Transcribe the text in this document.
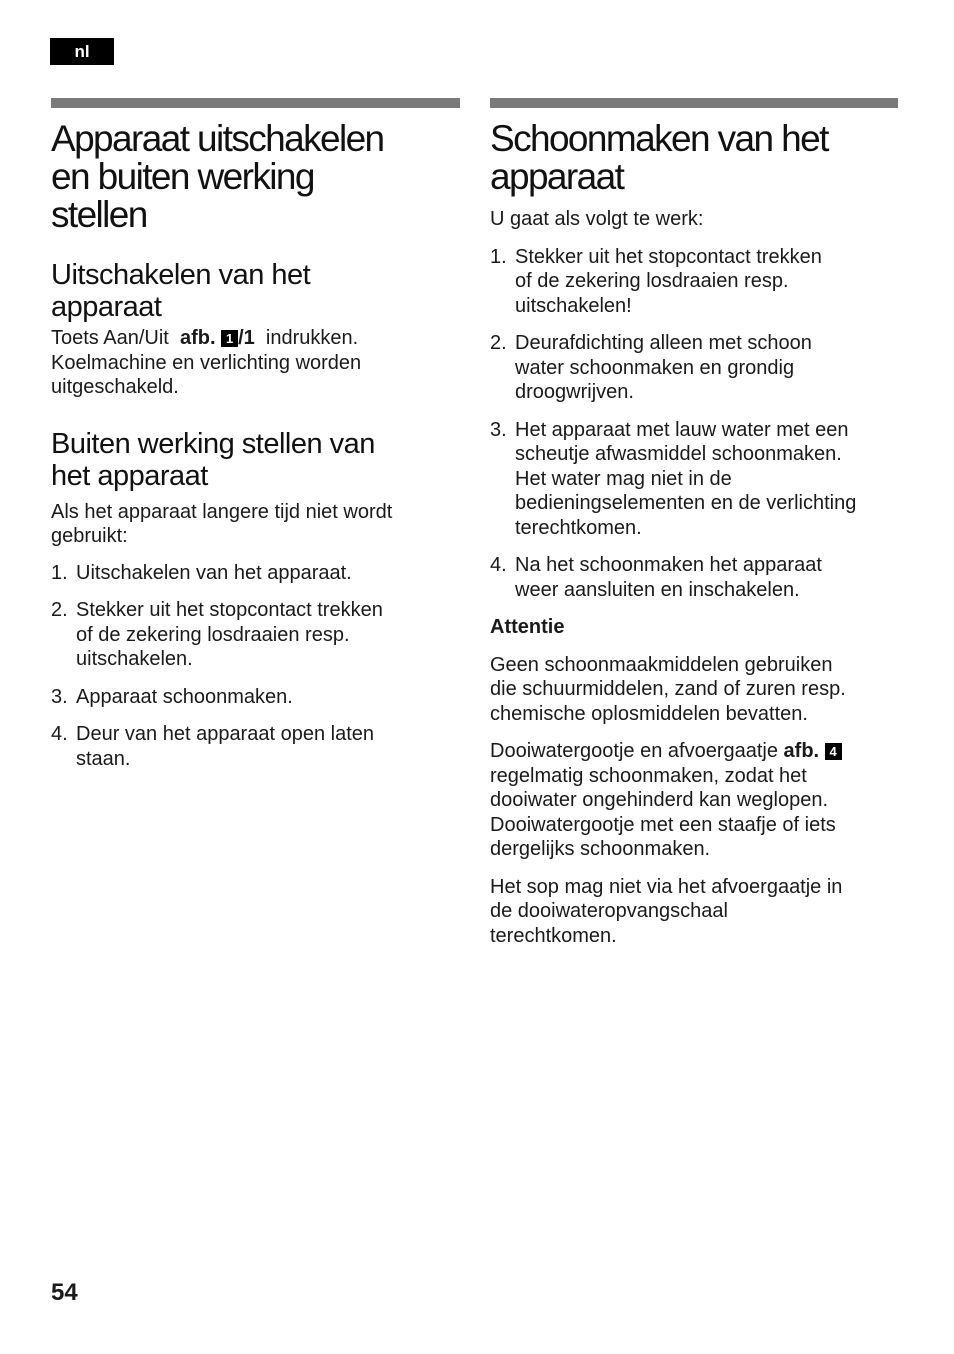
nl
Apparaat uitschakelen
en buiten werking
stellen
Uitschakelen van het
apparaat

Toets Aan/Uit afb. 1 /1 indrukken.
Koelmachine en verlichting worden
uitgeschakeld.

Buiten werking stellen van
het apparaat

Als het apparaat langere tijd niet wordt
gebruikt:

1. Uitschakelen van het apparaat.
2. Stekker uit het stopcontact trekken
of de zekering losdraaien resp.
uitschakelen.
3. Apparaat schoonmaken.
4. Deur van het apparaat open laten
staan.
Schoonmaken van het
apparaat

U gaat als volgt te werk:

1. Stekker uit het stopcontact trekken
of de zekering losdraaien resp.
uitschakelen!
2. Deurafdichting alleen met schoon
water schoonmaken en grondig
droogwrijven.
3. Het apparaat met lauw water met een
scheutje afwasmiddel schoonmaken.
Het water mag niet in de
bedieningselementen en de verlichting
terechtkomen.
4. Na het schoonmaken het apparaat
weer aansluiten en inschakelen.

Attentie

Geen schoonmaakmiddelen gebruiken
die schuurmiddelen, zand of zuren resp.
chemische oplosmiddelen bevatten.

Dooiwatergootje en afvoergaatje afb. 4
regelmatig schoonmaken, zodat het
dooiwater ongehinderd kan weglopen.
Dooiwatergootje met een staafje of iets
dergelijks schoonmaken.

Het sop mag niet via het afvoergaatje in
de dooiwateropvangschaal
terechtkomen.

54
